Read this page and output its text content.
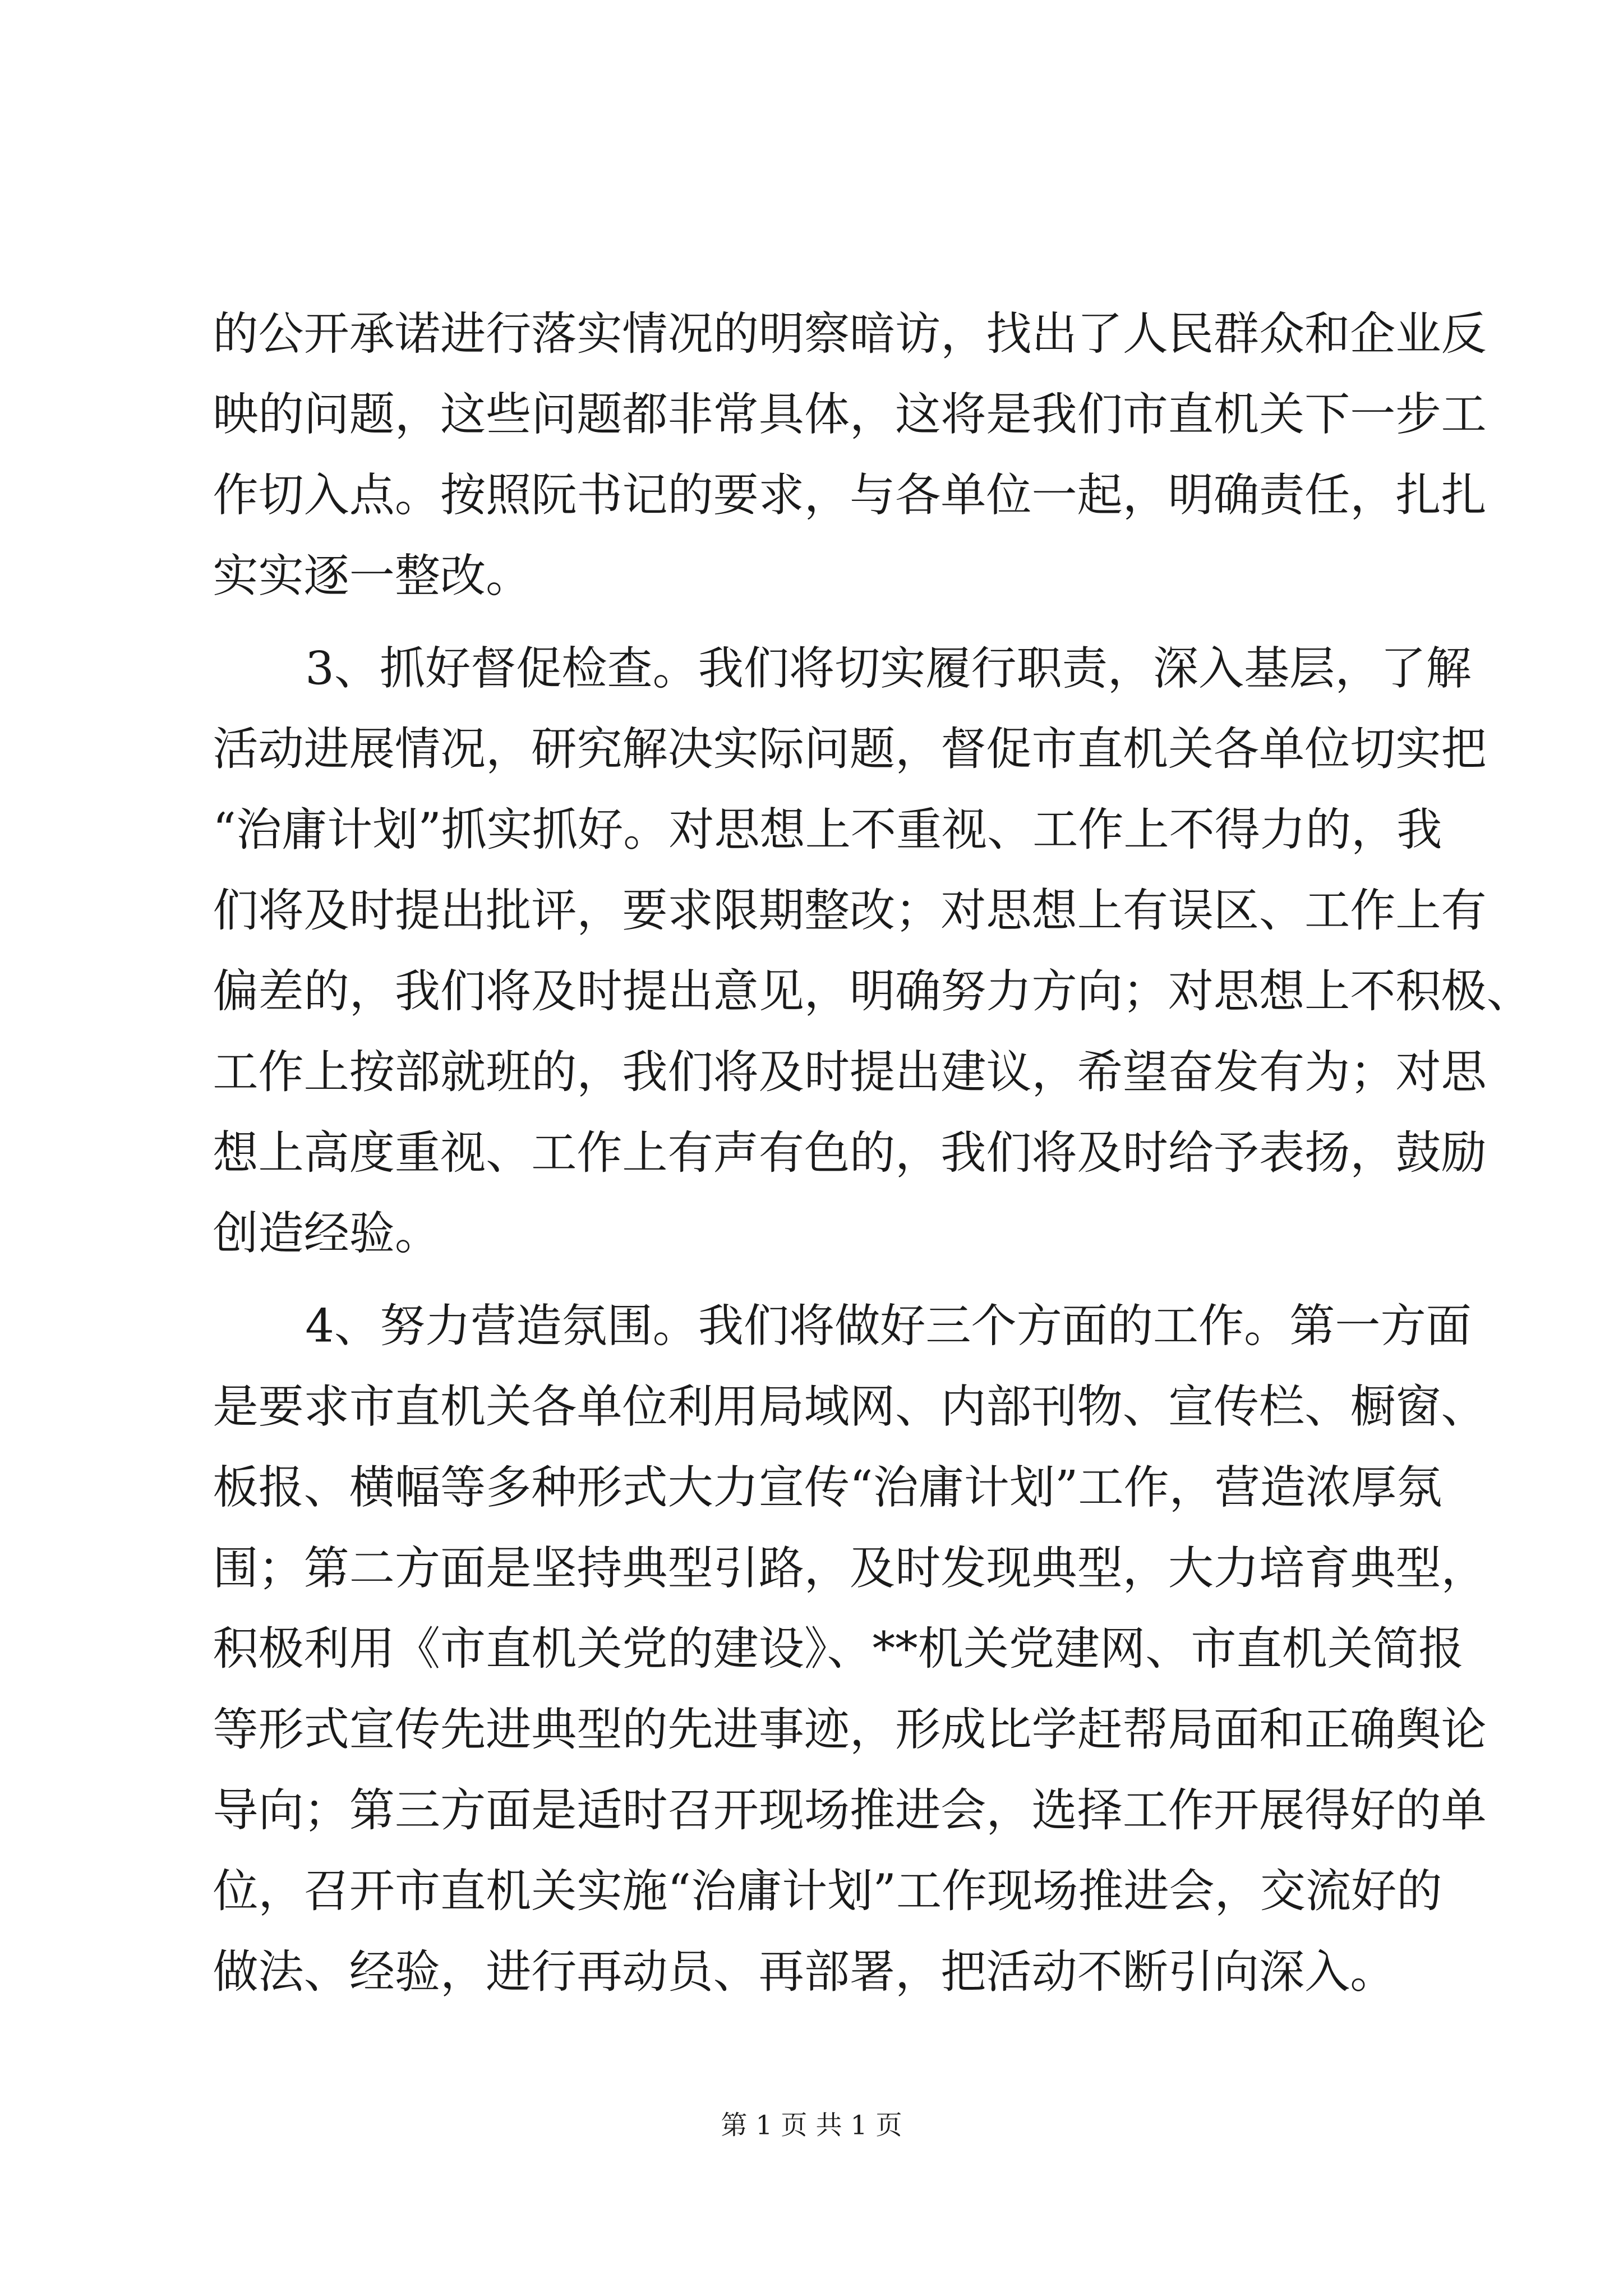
的公开承诺进行落实情况的明察暗访，找出了人民群众和企业反
映的问题，这些问题都非常具体，这将是我们市直机关下一步工
作切入点。按照阮书记的要求，与各单位一起，明确责任，扎扎
实实逐一整改。
3、抓好督促检查。我们将切实履行职责，深入基层，了解
活动进展情况，研究解决实际问题，督促市直机关各单位切实把
“治庸计划”抓实抓好。对思想上不重视、工作上不得力的，我
们将及时提出批评，要求限期整改；对思想上有误区、工作上有
偏差的，我们将及时提出意见，明确努力方向；对思想上不积极、
工作上按部就班的，我们将及时提出建议，希望奋发有为；对思
想上高度重视、工作上有声有色的，我们将及时给予表扬，鼓励
创造经验。
4、努力营造氛围。我们将做好三个方面的工作。第一方面
是要求市直机关各单位利用局域网、内部刊物、宣传栏、橱窗、
板报、横幅等多种形式大力宣传“治庸计划”工作，营造浓厚氛
围；第二方面是坚持典型引路，及时发现典型，大力培育典型，
积极利用《市直机关党的建设》、**机关党建网、市直机关简报
等形式宣传先进典型的先进事迹，形成比学赶帮局面和正确舆论
导向；第三方面是适时召开现场推进会，选择工作开展得好的单
位，召开市直机关实施“治庸计划”工作现场推进会，交流好的
做法、经验，进行再动员、再部署，把活动不断引向深入。
第 1 页 共 1 页
